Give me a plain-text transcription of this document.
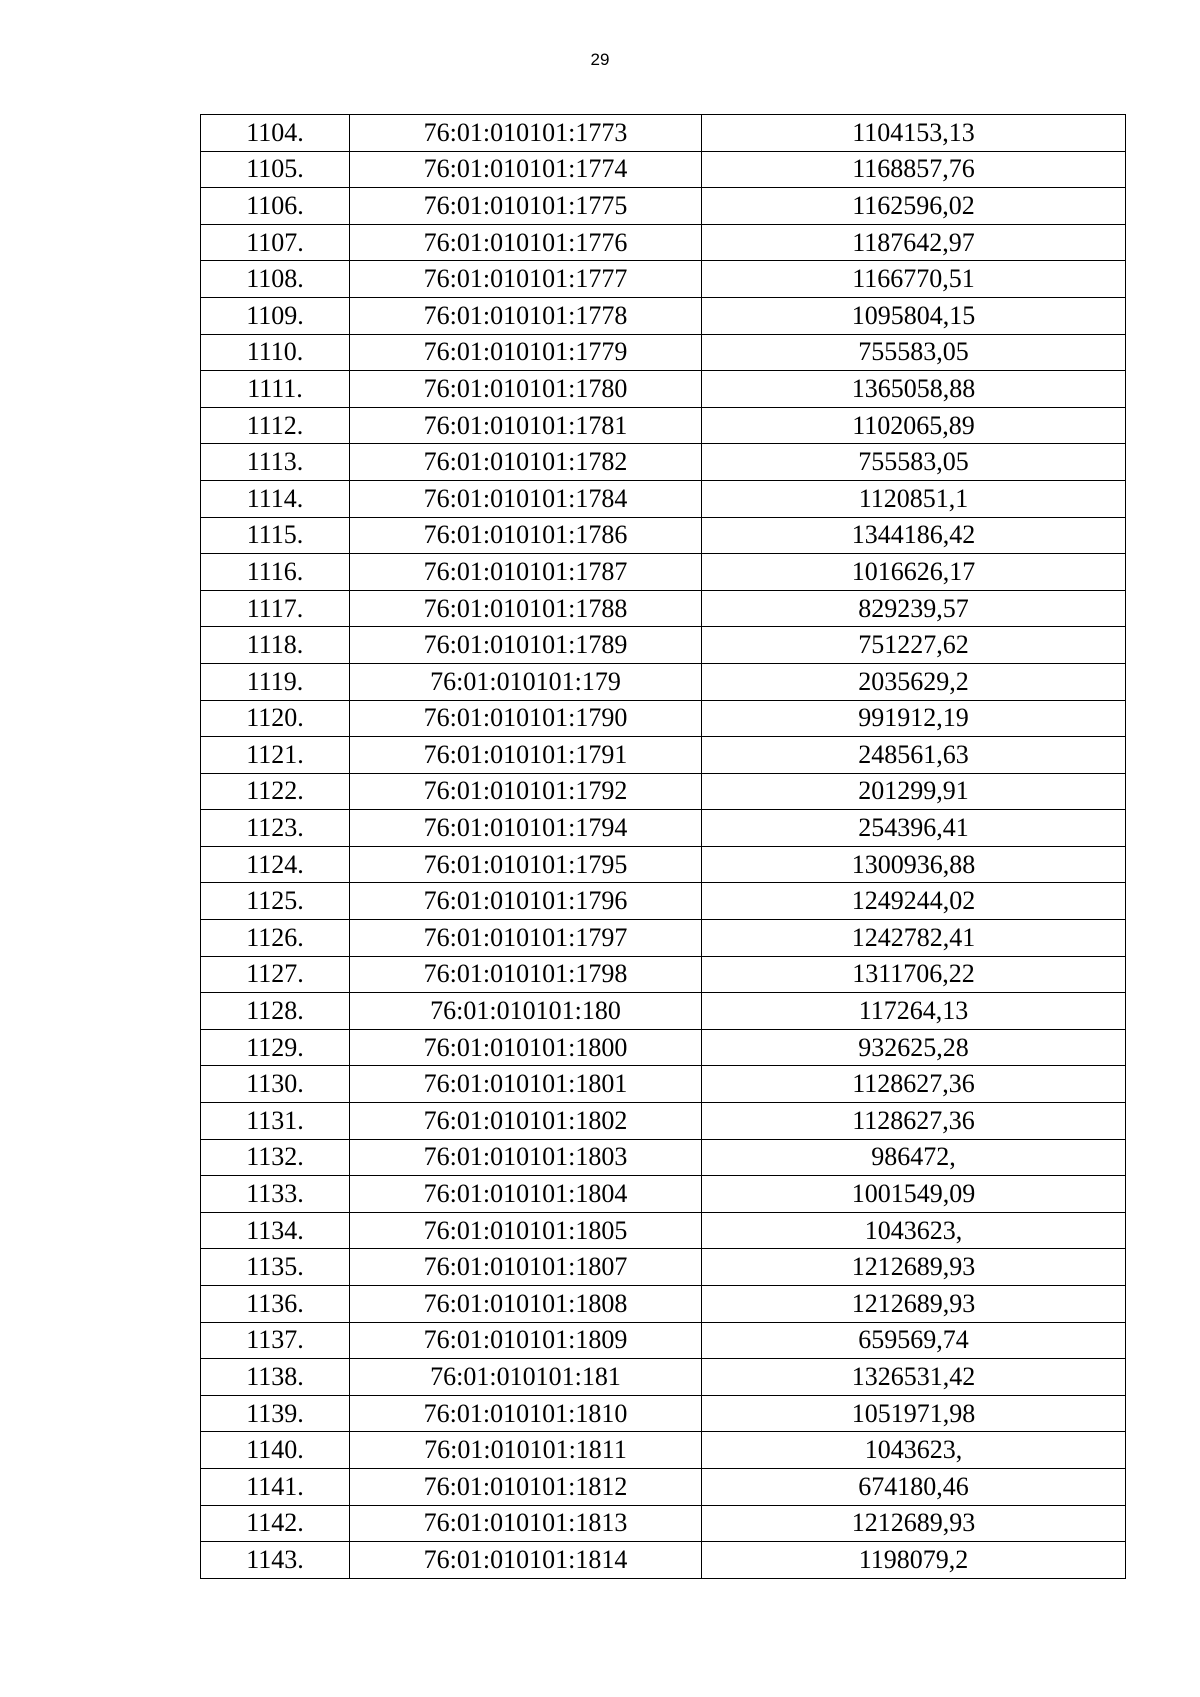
29
1104.	76:01:010101:1773	1104153,13
1105.	76:01:010101:1774	1168857,76
1106.	76:01:010101:1775	1162596,02
1107.	76:01:010101:1776	1187642,97
1108.	76:01:010101:1777	1166770,51
1109.	76:01:010101:1778	1095804,15
1110.	76:01:010101:1779	755583,05
1111.	76:01:010101:1780	1365058,88
1112.	76:01:010101:1781	1102065,89
1113.	76:01:010101:1782	755583,05
1114.	76:01:010101:1784	1120851,1
1115.	76:01:010101:1786	1344186,42
1116.	76:01:010101:1787	1016626,17
1117.	76:01:010101:1788	829239,57
1118.	76:01:010101:1789	751227,62
1119.	76:01:010101:179	2035629,2
1120.	76:01:010101:1790	991912,19
1121.	76:01:010101:1791	248561,63
1122.	76:01:010101:1792	201299,91
1123.	76:01:010101:1794	254396,41
1124.	76:01:010101:1795	1300936,88
1125.	76:01:010101:1796	1249244,02
1126.	76:01:010101:1797	1242782,41
1127.	76:01:010101:1798	1311706,22
1128.	76:01:010101:180	117264,13
1129.	76:01:010101:1800	932625,28
1130.	76:01:010101:1801	1128627,36
1131.	76:01:010101:1802	1128627,36
1132.	76:01:010101:1803	986472,
1133.	76:01:010101:1804	1001549,09
1134.	76:01:010101:1805	1043623,
1135.	76:01:010101:1807	1212689,93
1136.	76:01:010101:1808	1212689,93
1137.	76:01:010101:1809	659569,74
1138.	76:01:010101:181	1326531,42
1139.	76:01:010101:1810	1051971,98
1140.	76:01:010101:1811	1043623,
1141.	76:01:010101:1812	674180,46
1142.	76:01:010101:1813	1212689,93
1143.	76:01:010101:1814	1198079,2
